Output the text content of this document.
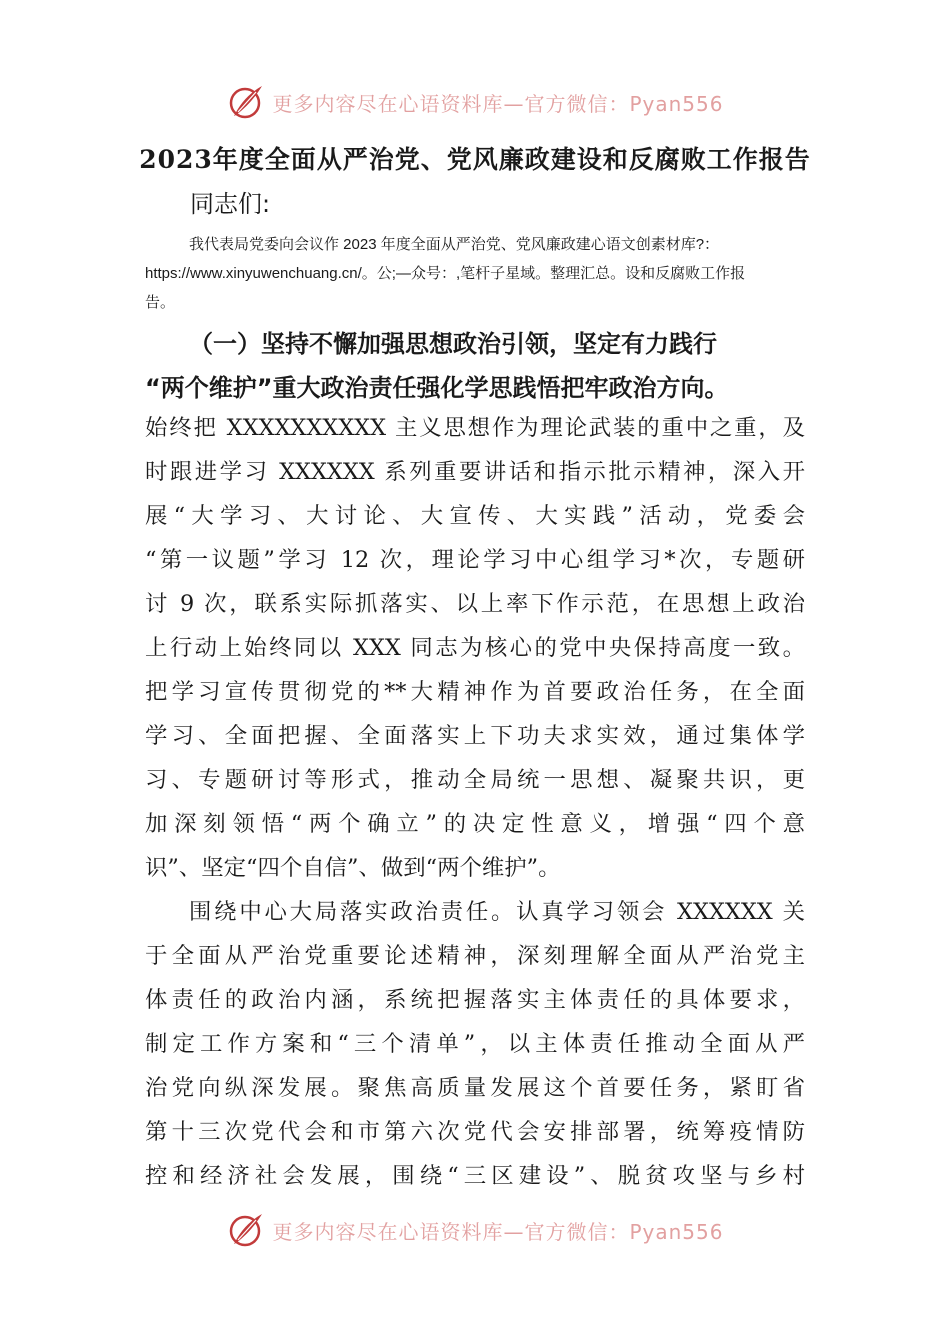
更多内容尽在心语资料库—官方微信：Pyan556
2023年度全面从严治党、党风廉政建设和反腐败工作报告
同志们:
我代表局党委向会议作 2023 年度全面从严治党、党风廉政建心语文创素材库?：
https://www.xinyuwenchuang.cn/。公;—众号：,笔杆子星域。整理汇总。设和反腐败工作报
告。
（一）坚持不懈加强思想政治引领，坚定有力践行
“两个维护”重大政治责任强化学思践悟把牢政治方向。
始终把 XXXXXXXXXX 主义思想作为理论武装的重中之重，及
时跟进学习 XXXXXX 系列重要讲话和指示批示精神，深入开
展“大学习、大讨论、大宣传、大实践”活动，党委会
“第一议题”学习 12 次，理论学习中心组学习*次，专题研
讨 9 次，联系实际抓落实、以上率下作示范，在思想上政治
上行动上始终同以 XXX 同志为核心的党中央保持高度一致。
把学习宣传贯彻党的**大精神作为首要政治任务，在全面
学习、全面把握、全面落实上下功夫求实效，通过集体学
习、专题研讨等形式，推动全局统一思想、凝聚共识，更
加深刻领悟“两个确立”的决定性意义，增强“四个意
识”、坚定“四个自信”、做到“两个维护”。
围绕中心大局落实政治责任。认真学习领会 XXXXXX 关
于全面从严治党重要论述精神，深刻理解全面从严治党主
体责任的政治内涵，系统把握落实主体责任的具体要求，
制定工作方案和“三个清单”，以主体责任推动全面从严
治党向纵深发展。聚焦高质量发展这个首要任务，紧盯省
第十三次党代会和市第六次党代会安排部署，统筹疫情防
控和经济社会发展，围绕“三区建设”、脱贫攻坚与乡村
更多内容尽在心语资料库—官方微信：Pyan556
